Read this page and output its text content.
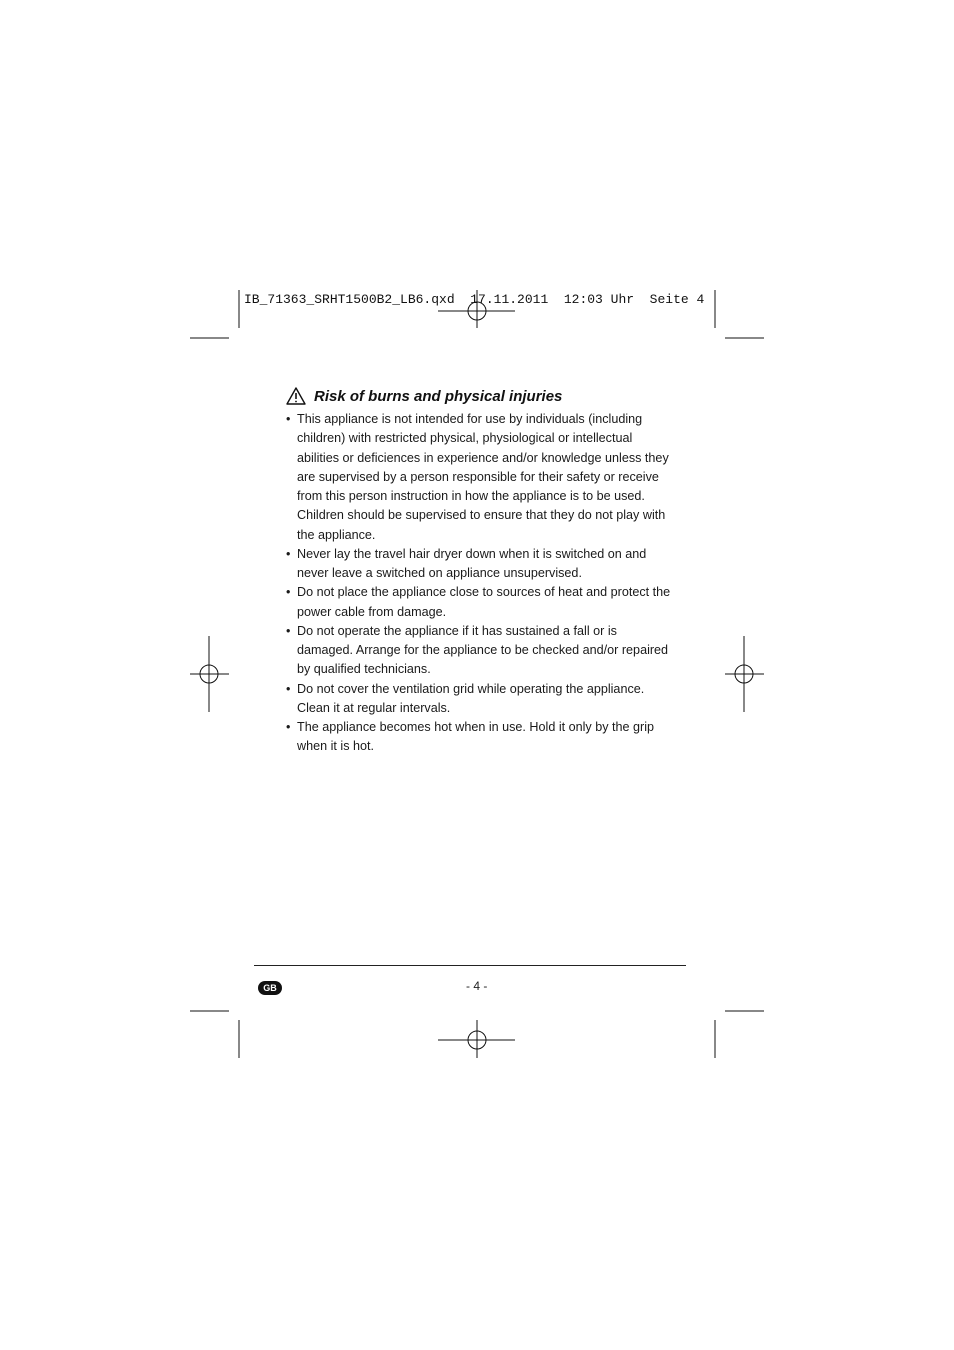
IB_71363_SRHT1500B2_LB6.qxd  17.11.2011  12:03 Uhr  Seite 4
Risk of burns and physical injuries
• This appliance is not intended for use by individuals (including children) with restricted physical, physiological or intellectual abilities or deficiences in experience and/or knowledge unless they are supervised by a person responsible for their safety or receive from this person instruction in how the appliance is to be used. Children should be supervised to ensure that they do not play with the appliance.
• Never lay the travel hair dryer down when it is switched on and never leave a switched on appliance unsupervised.
• Do not place the appliance close to sources of heat and protect the power cable from damage.
• Do not operate the appliance if it has sustained a fall or is damaged. Arrange for the appliance to be checked and/or repaired by qualified technicians.
• Do not cover the ventilation grid while operating the appliance. Clean it at regular intervals.
• The appliance becomes hot when in use. Hold it only by the grip when it is hot.
GB	- 4 -
